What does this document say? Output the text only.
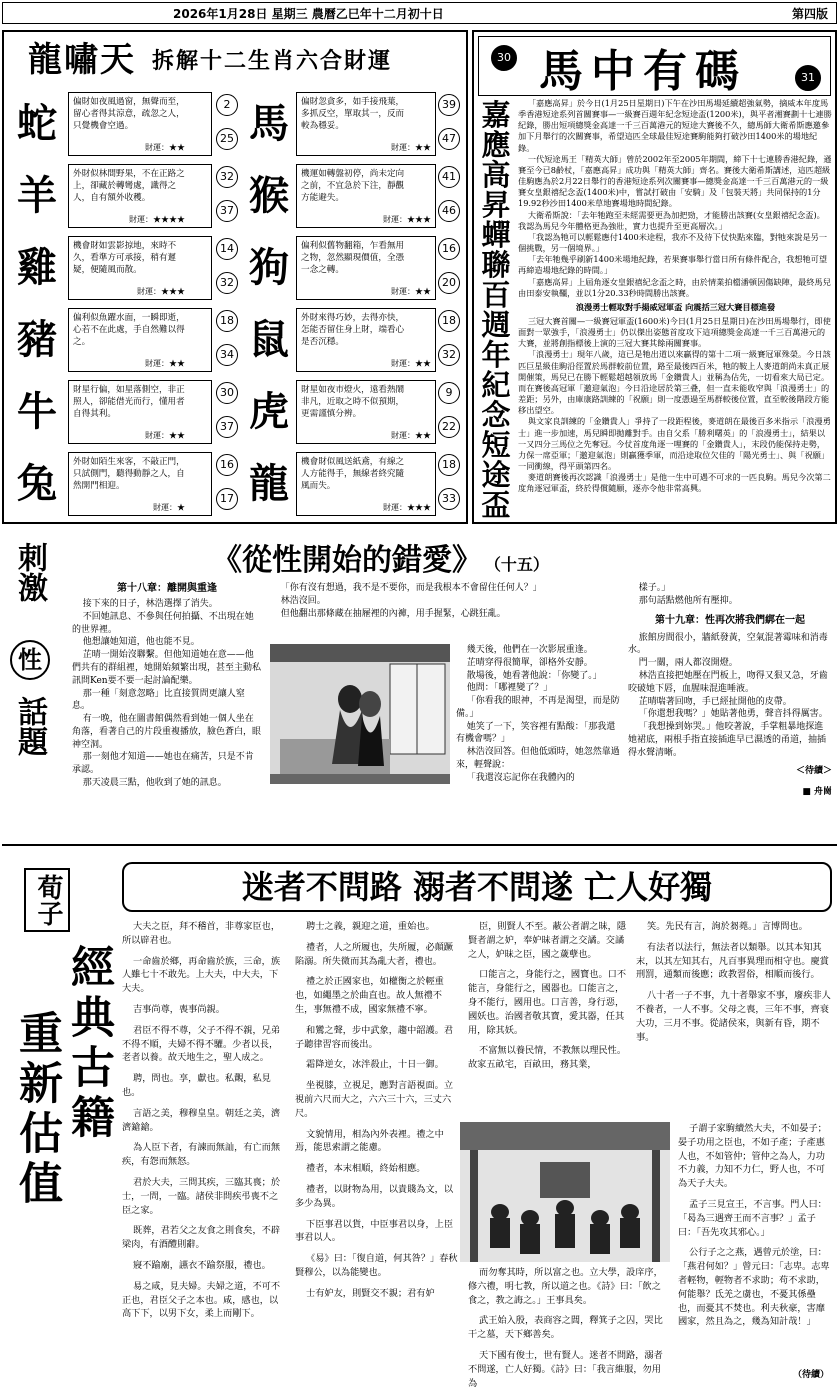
2026年1月28日 星期三 農曆乙巳年十二月初十日	第四版
龍嘯天 拆解十二生肖六合財運
蛇	偏財如夜風過窗，無聲而至，留心者得其涼意，疏忽之人，只覺機會空過。
財運：★★
2
25 馬	偏財忽貪多，如手接飛葉，多抓反空，單取其一，反而較為穩妥。
財運：★★
39
47
羊	外財似林間野果，不在正路之上，卻藏於轉彎處，識得之人，自有額外收穫。
財運：★★★★
32
37 猴	機運如轉盤初停，尚未定向之前，不宜急於下注，靜觀方能避失。
財運：★★★
41
46
雞	機會財如雲影掠地，來時不久，看準方可承接，稍有遲疑，便隨風而散。
財運：★★★
14
32 狗	偏利似舊物翻箱，乍看無用之物，忽然顯現價值，全憑一念之轉。
財運：★★
16
20
豬	偏利似魚躍水面，一瞬即逝，心若不在此處，手自然難以得之。
財運：★★
18
34 鼠	外財來得巧妙，去得亦快，怎能否留住身上財，端看心是否沉穩。
財運：★★
18
32
牛	財星行偏，如星落側空，非正照人，卻能借光而行，懂用者自得其利。
財運：★★
30
37 虎	財星如夜市燈火，遠看熱鬧非凡，近取之時不似預期，更需謹慎分辨。
財運：★★
9
22
兔	外財如陌生來客，不敲正門，只試側門，聽得動靜之人，自然開門相迎。
財運：★
16
17 龍	機會財似風送紙鳶，有線之人方能得手，無線者終究隨風而失。
財運：★★★
18
33
30 馬中有碼	31
嘉
應
高
昇
蟬
聯
百
週
年
紀
念
短
途
盃

「嘉應高昇」於今日(1月25日星期日)下午在沙田馬場延續超強氣勢，摘威本年度馬季香港短途系列首關賽事—一級賽百週年紀念短途盃(1200米)，與平者湘賽劃十七連勝紀錄，勝出短項總獎金高達一千三百萬港元的短途大賽後不久，總馬師大衛希斯應邀參加下月舉行的次關賽事，希望這匹全球最佳短途賽駒能夠打破沙田1400米的場地紀錄。

一代短途馬王「精英大師」曾於2002年至2005年期間，締下十七連勝香港紀錄，遜賽至今已8齡杖，「嘉應高昇」成功與「精英大師」齊名。賽後大衛希斯講述，這匹超級佳駒應為於2月22日舉行的香港短途系列次關賽事—總獎金高達一千三百萬港元的一級賽女皇銀禧紀念盃(1400米)中，嘗試打破由「安騎」及「包裝天將」共同保持的1分19.92秒沙田1400米草地賽場地時間紀錄。

大衛希斯說：「去年牠跑至未經需要更為加把勁，才能勝出該賽(女皇銀禧紀念盃)。我認為馬兒今年體格更為強壯，實力也提升至更高層次。」

「我認為牠可以輕鬆應付1400米途程，我亦不及待下仗快點來臨，對牠來說是另一個挑戰，另一個境界。」

「去年牠幾乎刷新1400米場地紀錄，若果賽事舉行當日所有條件配合，我想牠可望再締造場地紀錄的時間。」

「嘉應高昇」上屆角逐女皇銀禧紀念盃之時，由於情業拍檔潘頓因傷缺陣，最終馬兒由田泰安執韁，並以1分20.33秒時間勝出該賽。

浪漫勇士輕取對手揚威冠軍盃 向震括三冠大賽目標進發

三冠大賽首關—一級賽冠軍盃(1600米)今日(1月25日星期日)在沙田馬場舉行，即使面對一眾強手，「浪漫勇士」仍以傑出姿態首度攻下這項總獎金高達一千三百萬港元的大賽，並將創指標後上演的三冠大賽其餘兩關賽事。

「浪漫勇士」現年八歲，這已是牠出道以來贏得的第十二項一級賽冠軍殊榮。今日該匹巨星級佳駒沿徑置於馬群較前位置，路至最後四百米，牠的鞍上人麥道朗尚未真正展開催策，馬兒已在勝下輕鬆超越領放馬「金鑽貴人」並稱為佔先，一切看來大局已定。而在賽後高冠軍「邀迎氣泡」今日沿途居於第三叠，但一直未能收窄與「浪漫勇士」的差距；另外，由庫康路訓練的「祝願」則一度憑過至馬群較後位置，直至較後階段方能移出望空。

與文家良訓練的「金鑽貴人」爭持了一段距程後，麥道朗在最後百多米指示「浪漫勇士」進一步加速，馬兒瞬即拋離對手。由自父系「勝利曙英」的「浪漫勇士」，結果以一又四分三馬位之先奪冠。今仗首度角逐一哩賽的「金鑽貴人」，末段仍能保持走勢，力保一席亞軍；「邀迎氣泡」則贏獲季軍，而沿途取位欠佳的「陽光勇士」、與「祝願」一同衝線，得平頭第四名。

麥道朗賽後再次認識「浪漫勇士」是他一生中可遇不可求的一匹良駒。馬兒今次第二度角逐冠軍盃，終於得償隨願，逐亦令他非常高興。

刺激
性
話題
《從性開始的錯愛》 （十五）
第十八章：離開與重逢

接下來的日子，林浩選擇了消失。

不回她訊息、不參與任何拍攝、不出現在她的世界裡。

他想讓她知道，他也能不見。

芷晴一開始沒聯繫。但他知道她在意——他們共有的群組裡，她開始頻繁出現，甚至主動私訊問Ken要不要一起討論配樂。

那一種「刻意忽略」比直接質問更讓人窒息。

有一晚，他在圖書館偶然看到她一個人坐在角落，看著自己的片段重複播放，臉色蒼白，眼神空洞。

那一刻他才知道——她也在痛苦，只是不肯承認。

那天凌晨三點，他收到了她的訊息。

「你有沒有想過，我不是不要你，而是我根本不會留住任何人？」

林浩沒回。

但他翻出那條藏在抽屜裡的內褲，用手握緊，心跳狂亂。

幾天後，他們在一次影展重逢。

芷晴穿得很簡單，卻格外安靜。

散場後，她看著他說：「你變了。」

他問：「哪裡變了？」

「你看我的眼神，不再是渴望，而是防備。」

她笑了一下，笑容裡有點酸：「那我還有機會嗎？」

林浩沒回答。但他低頭時，她忽然靠過來，輕聲說：

「我還沒忘記你在我體內的

樣子。」

那句話點燃他所有壓抑。

第十九章：性再次將我們綁在一起

旅館房間很小，牆紙發黃，空氣混著霉味和消毒水。

門一關，兩人都沒開燈。

林浩直接把她壓在門板上，吻得又狠又急，牙齒咬破她下唇，血腥味混進唾液。

芷晴喘著回吻，手已經扯開他的皮帶。

「你還想我嗎？」她貼著他勇，聲音抖得厲害。

「我想操到妳哭。」他咬著說，手掌粗暴地探進她裙底，兩根手指直接插進早已濕透的甬道，抽插得水聲清晰。

＜待續＞
■ 舟崗
荀子
經典古籍
重新估值
迷者不問路 溺者不問遂 亡人好獨

大夫之臣，拜不稽首，非尊家臣也，所以辟君也。

一命齒於鄉，再命齒於族，三命，族人雖七十不敢先。上大夫，中大夫，下大夫。

吉事尚尊，喪事尚親。

君臣不得不尊，父子不得不親，兄弟不得不順，夫婦不得不驩。少者以長，老者以養。故天地生之，聖人成之。

聘，問也。享，獻也。私覿，私見也。

言語之美，穆穆皇皇。朝廷之美，濟濟鎗鎗。

為人臣下者，有諫而無訕，有亡而無疾，有怨而無怒。

君於大夫，三問其疾，三臨其喪；於士，一問，一臨。諸侯非問疾弔喪不之臣之家。

既葬，君若父之友食之則食矣，不辟梁肉，有酒醴則辭。

寢不踰廟，讌衣不踰祭服，禮也。

易之咸，見夫婦。夫婦之道，不可不正也，君臣父子之本也。咸，感也，以高下下，以男下女，柔上而剛下。

聘士之義，親迎之道，重始也。

禮者，人之所履也，失所履，必顛蹶陷溺。所失微而其為亂大者，禮也。

禮之於正國家也，如權衡之於輕重也，如繩墨之於曲直也。故人無禮不生，事無禮不成，國家無禮不寧。

和鸞之聲，步中武象，趨中韶護。君子聽律習容而後出。

霜降逆女，冰泮殺止，十日一御。

坐視膝，立視足，應對言語視面。立視前六尺而大之，六六三十六，三丈六尺。

文貌情用，相為內外表裡。禮之中焉，能思索謂之能慮。

禮者，本末相順，終始相應。

禮者，以財物為用，以貴賤為文，以多少為異。

下臣事君以貨，中臣事君以身，上臣事君以人。

《易》曰：「復自道，何其咎？」春秋賢穆公，以為能變也。

士有妒友，則賢交不親；君有妒

臣，則賢人不至。蔽公者謂之昧，隱賢者謂之妒，奉妒昧者謂之交譎。交譎之人，妒昧之臣，國之薉孽也。

口能言之，身能行之，國寶也。口不能言，身能行之，國器也。口能言之，身不能行，國用也。口言善，身行惡，國妖也。治國者敬其寶，愛其器，任其用，除其妖。

不富無以養民情，不教無以理民性。故家五畝宅，百畝田，務其業，

而勿奪其時，所以富之也。立大學，設庠序，修六禮，明七教，所以道之也。《詩》曰：「飲之食之，教之誨之。」王事具矣。

武王始入殷，表商容之閭，釋箕子之囚，哭比干之墓，天下鄉善矣。

天下國有俊士，世有賢人。迷者不問路，溺者不問遂，亡人好獨。《詩》曰：「我言維服，勿用為

笑。先民有言，詢於芻蕘。」言博問也。

有法者以法行，無法者以類舉。以其本知其末，以其左知其右，凡百事異理而相守也。慶賞刑罰，通類而後應；政教習俗，相順而後行。

八十者一子不事，九十者舉家不事，廢疾非人不養者，一人不事。父母之喪，三年不事，齊衰大功，三月不事。從諸侯來，與新有昏，期不事。

子謂子家駒續然大夫，不如晏子；晏子功用之臣也，不如子產；子產惠人也，不如管仲；管仲之為人，力功不力義，力知不力仁，野人也，不可為天子大夫。

孟子三見宣王，不言事。門人曰：「曷為三遇齊王而不言事？」孟子曰：「吾先攻其邪心。」

公行子之之燕，遇曾元於塗，曰：「燕君何如？」曾元曰：「志卑。志卑者輕物，輕物者不求助；苟不求助，何能舉？氐羌之虜也，不憂其係壘也，而憂其不焚也。利夫秋豪，害靡國家，然且為之，幾為知計哉！」

（待續）
